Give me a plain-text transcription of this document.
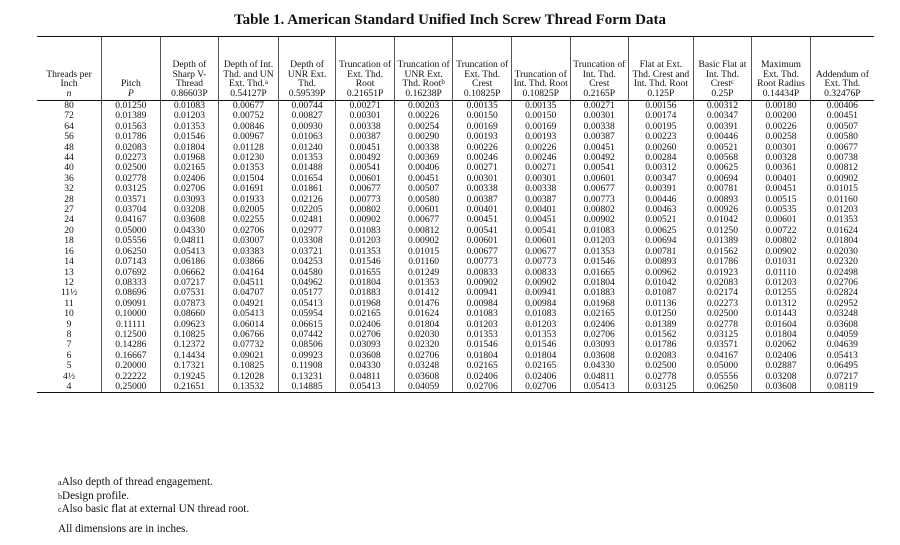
Table 1. American Standard Unified Inch Screw Thread Form Data
Threads per Inch	Pitch	Depth of Sharp V-Thread	Depth of Int. Thd. and UN Ext. Thd.$^a$	Depth of UNR Ext. Thd.	Truncation of Ext. Thd. Root	Truncation of UNR Ext. Thd. Root$^b$	Truncation of Ext. Thd. Crest	Truncation of Int. Thd. Root	Truncation of Int. Thd. Crest	Flat at Ext. Thd. Crest and Int. Thd. Root	Basic Flat at Int. Thd. Crest$^c$	Maximum Ext. Thd. Root Radius	Addendum of Ext. Thd.
n	P	0.86603P	0.54127P	0.59539P	0.21651P	0.16238P	0.10825P	0.10825P	0.2165P	0.125P	0.25P	0.14434P	0.32476P
80	0.01250	0.01083	0.00677	0.00744	0.00271	0.00203	0.00135	0.00135	0.00271	0.00156	0.00312	0.00180	0.00406
72	0.01389	0.01203	0.00752	0.00827	0.00301	0.00226	0.00150	0.00150	0.00301	0.00174	0.00347	0.00200	0.00451
64	0.01563	0.01353	0.00846	0.00930	0.00338	0.00254	0.00169	0.00169	0.00338	0.00195	0.00391	0.00226	0.00507
56	0.01786	0.01546	0.00967	0.01063	0.00387	0.00290	0.00193	0.00193	0.00387	0.00223	0.00446	0.00258	0.00580
48	0.02083	0.01804	0.01128	0.01240	0.00451	0.00338	0.00226	0.00226	0.00451	0.00260	0.00521	0.00301	0.00677
44	0.02273	0.01968	0.01230	0.01353	0.00492	0.00369	0.00246	0.00246	0.00492	0.00284	0.00568	0.00328	0.00738
40	0.02500	0.02165	0.01353	0.01488	0.00541	0.00406	0.00271	0.00271	0.00541	0.00312	0.00625	0.00361	0.00812
36	0.02778	0.02406	0.01504	0.01654	0.00601	0.00451	0.00301	0.00301	0.00601	0.00347	0.00694	0.00401	0.00902
32	0.03125	0.02706	0.01691	0.01861	0.00677	0.00507	0.00338	0.00338	0.00677	0.00391	0.00781	0.00451	0.01015
28	0.03571	0.03093	0.01933	0.02126	0.00773	0.00580	0.00387	0.00387	0.00773	0.00446	0.00893	0.00515	0.01160
27	0.03704	0.03208	0.02005	0.02205	0.00802	0.00601	0.00401	0.00401	0.00802	0.00463	0.00926	0.00535	0.01203
24	0.04167	0.03608	0.02255	0.02481	0.00902	0.00677	0.00451	0.00451	0.00902	0.00521	0.01042	0.00601	0.01353
20	0.05000	0.04330	0.02706	0.02977	0.01083	0.00812	0.00541	0.00541	0.01083	0.00625	0.01250	0.00722	0.01624
18	0.05556	0.04811	0.03007	0.03308	0.01203	0.00902	0.00601	0.00601	0.01203	0.00694	0.01389	0.00802	0.01804
16	0.06250	0.05413	0.03383	0.03721	0.01353	0.01015	0.00677	0.00677	0.01353	0.00781	0.01562	0.00902	0.02030
14	0.07143	0.06186	0.03866	0.04253	0.01546	0.01160	0.00773	0.00773	0.01546	0.00893	0.01786	0.01031	0.02320
13	0.07692	0.06662	0.04164	0.04580	0.01655	0.01249	0.00833	0.00833	0.01665	0.00962	0.01923	0.01110	0.02498
12	0.08333	0.07217	0.04511	0.04962	0.01804	0.01353	0.00902	0.00902	0.01804	0.01042	0.02083	0.01203	0.02706
11½	0.08696	0.07531	0.04707	0.05177	0.01883	0.01412	0.00941	0.00941	0.01883	0.01087	0.02174	0.01255	0.02824
11	0.09091	0.07873	0.04921	0.05413	0.01968	0.01476	0.00984	0.00984	0.01968	0.01136	0.02273	0.01312	0.02952
10	0.10000	0.08660	0.05413	0.05954	0.02165	0.01624	0.01083	0.01083	0.02165	0.01250	0.02500	0.01443	0.03248
9	0.11111	0.09623	0.06014	0.06615	0.02406	0.01804	0.01203	0.01203	0.02406	0.01389	0.02778	0.01604	0.03608
8	0.12500	0.10825	0.06766	0.07442	0.02706	0.02030	0.01353	0.01353	0.02706	0.01562	0.03125	0.01804	0.04059
7	0.14286	0.12372	0.07732	0.08506	0.03093	0.02320	0.01546	0.01546	0.03093	0.01786	0.03571	0.02062	0.04639
6	0.16667	0.14434	0.09021	0.09923	0.03608	0.02706	0.01804	0.01804	0.03608	0.02083	0.04167	0.02406	0.05413
5	0.20000	0.17321	0.10825	0.11908	0.04330	0.03248	0.02165	0.02165	0.04330	0.02500	0.05000	0.02887	0.06495
4½	0.22222	0.19245	0.12028	0.13231	0.04811	0.03608	0.02406	0.02406	0.04811	0.02778	0.05556	0.03208	0.07217
4	0.25000	0.21651	0.13532	0.14885	0.05413	0.04059	0.02706	0.02706	0.05413	0.03125	0.06250	0.03608	0.08119
$^a$Also depth of thread engagement.
$^b$Design profile.
$^c$Also basic flat at external UN thread root.
All dimensions are in inches.
